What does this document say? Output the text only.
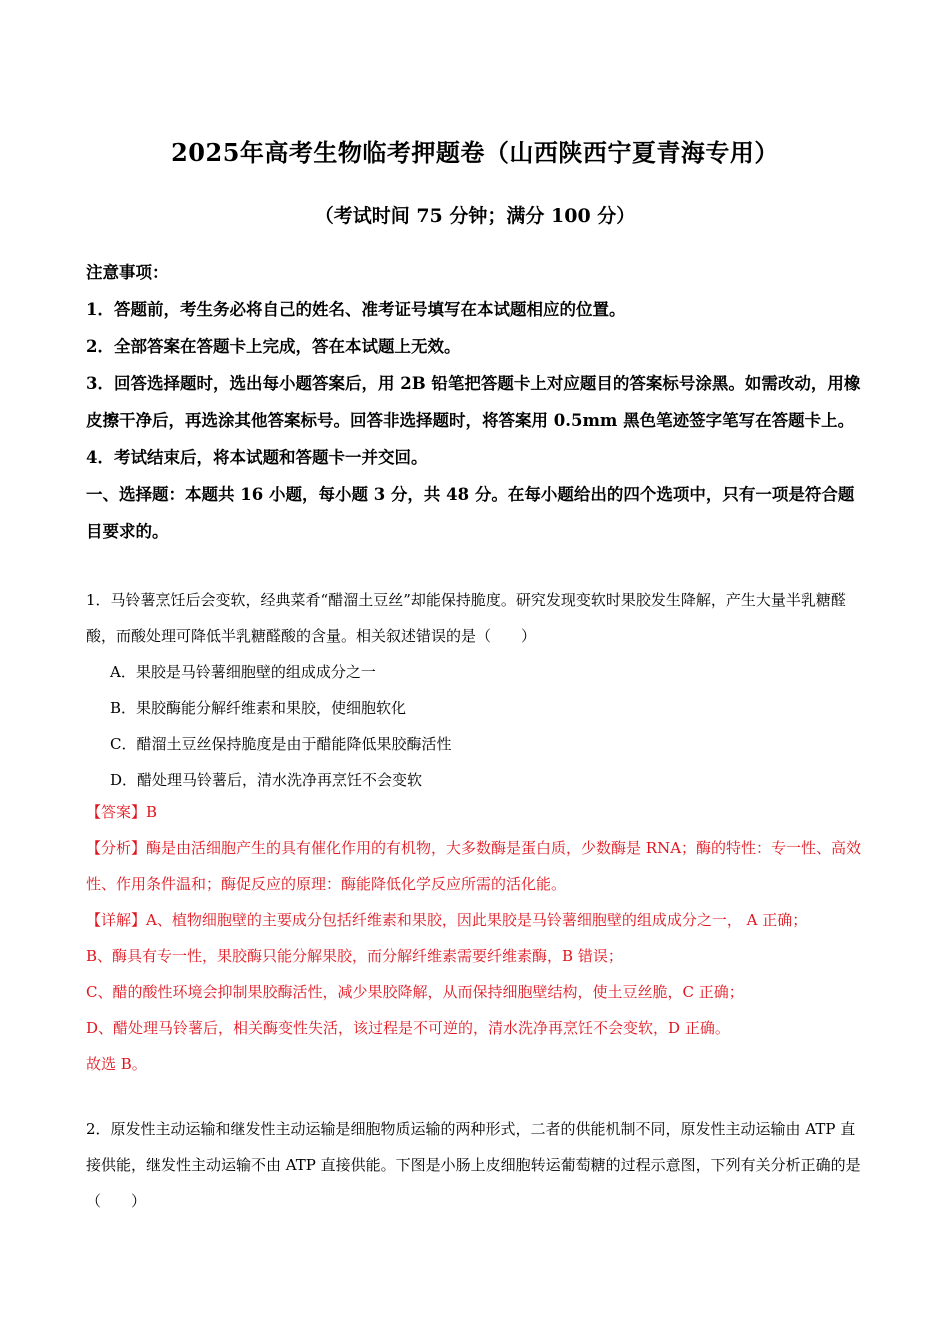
2025年高考生物临考押题卷（山西陕西宁夏青海专用）
（考试时间 75 分钟；满分 100 分）

注意事项：

1．答题前，考生务必将自己的姓名、准考证号填写在本试题相应的位置。

2．全部答案在答题卡上完成，答在本试题上无效。

3．回答选择题时，选出每小题答案后，用 2B 铅笔把答题卡上对应题目的答案标号涂黑。如需改动，用橡皮擦干净后，再选涂其他答案标号。回答非选择题时，将答案用 0.5mm 黑色笔迹签字笔写在答题卡上。

4．考试结束后，将本试题和答题卡一并交回。

一、选择题：本题共 16 小题，每小题 3 分，共 48 分。在每小题给出的四个选项中，只有一项是符合题目要求的。

1．马铃薯烹饪后会变软，经典菜肴“醋溜土豆丝”却能保持脆度。研究发现变软时果胶发生降解，产生大量半乳糖醛酸，而酸处理可降低半乳糖醛酸的含量。相关叙述错误的是（　　）

A．果胶是马铃薯细胞壁的组成成分之一

B．果胶酶能分解纤维素和果胶，使细胞软化

C．醋溜土豆丝保持脆度是由于醋能降低果胶酶活性

D．醋处理马铃薯后，清水洗净再烹饪不会变软

【答案】B

【分析】酶是由活细胞产生的具有催化作用的有机物，大多数酶是蛋白质，少数酶是 RNA；酶的特性：专一性、高效性、作用条件温和；酶促反应的原理：酶能降低化学反应所需的活化能。

【详解】A、植物细胞壁的主要成分包括纤维素和果胶，因此果胶是马铃薯细胞壁的组成成分之一， A 正确；

B、酶具有专一性，果胶酶只能分解果胶，而分解纤维素需要纤维素酶，B 错误；

C、醋的酸性环境会抑制果胶酶活性，减少果胶降解，从而保持细胞壁结构，使土豆丝脆，C 正确；

D、醋处理马铃薯后，相关酶变性失活，该过程是不可逆的，清水洗净再烹饪不会变软，D 正确。

故选 B。

2．原发性主动运输和继发性主动运输是细胞物质运输的两种形式，二者的供能机制不同，原发性主动运输由 ATP 直接供能，继发性主动运输不由 ATP 直接供能。下图是小肠上皮细胞转运葡萄糖的过程示意图，下列有关分析正确的是（　　）
